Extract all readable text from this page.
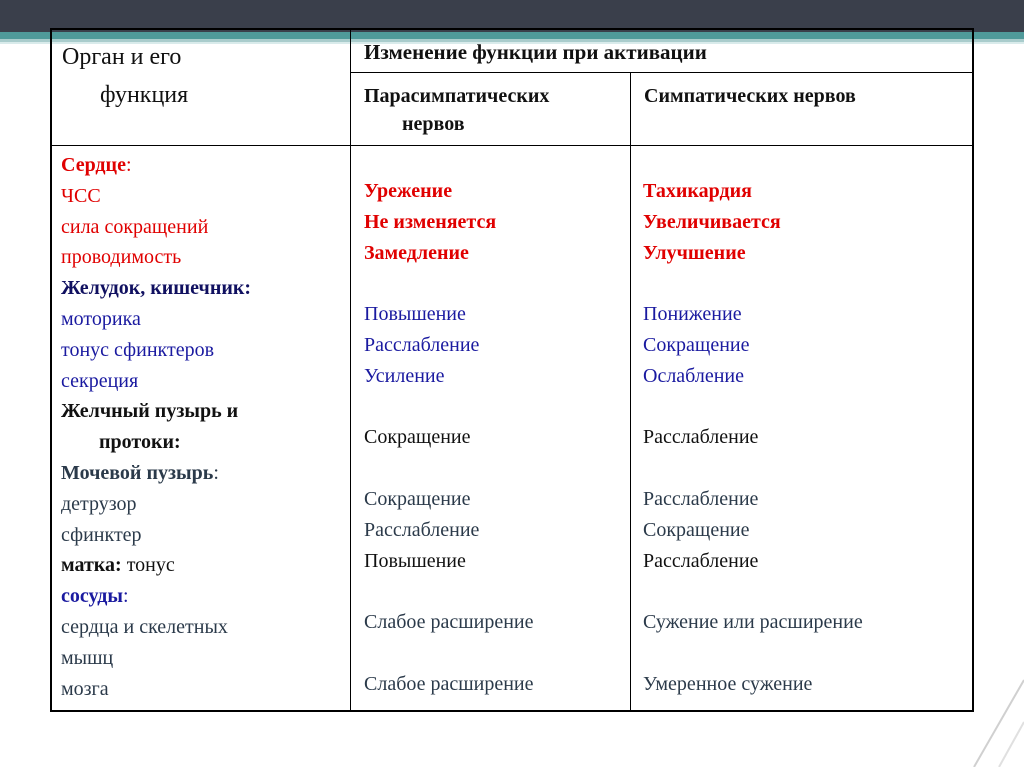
Орган и его
функция
Изменение функции при активации
Парасимпатических
нервов
Симпатических нервов
Сердце:
ЧСС
сила сокращений
проводимость
Желудок, кишечник:
моторика
тонус сфинктеров
секреция
Желчный пузырь и
протоки:
Мочевой пузырь:
детрузор
сфинктер
матка: тонус
сосуды:
сердца и скелетных
мышц
мозга
Урежение
Не изменяется
Замедление
Повышение
Расслабление
Усиление
Сокращение
Сокращение
Расслабление
Повышение
Слабое расширение
Слабое расширение
Тахикардия
Увеличивается
Улучшение
Понижение
Сокращение
Ослабление
Расслабление
Расслабление
Сокращение
Расслабление
Сужение или расширение
Умеренное сужение
